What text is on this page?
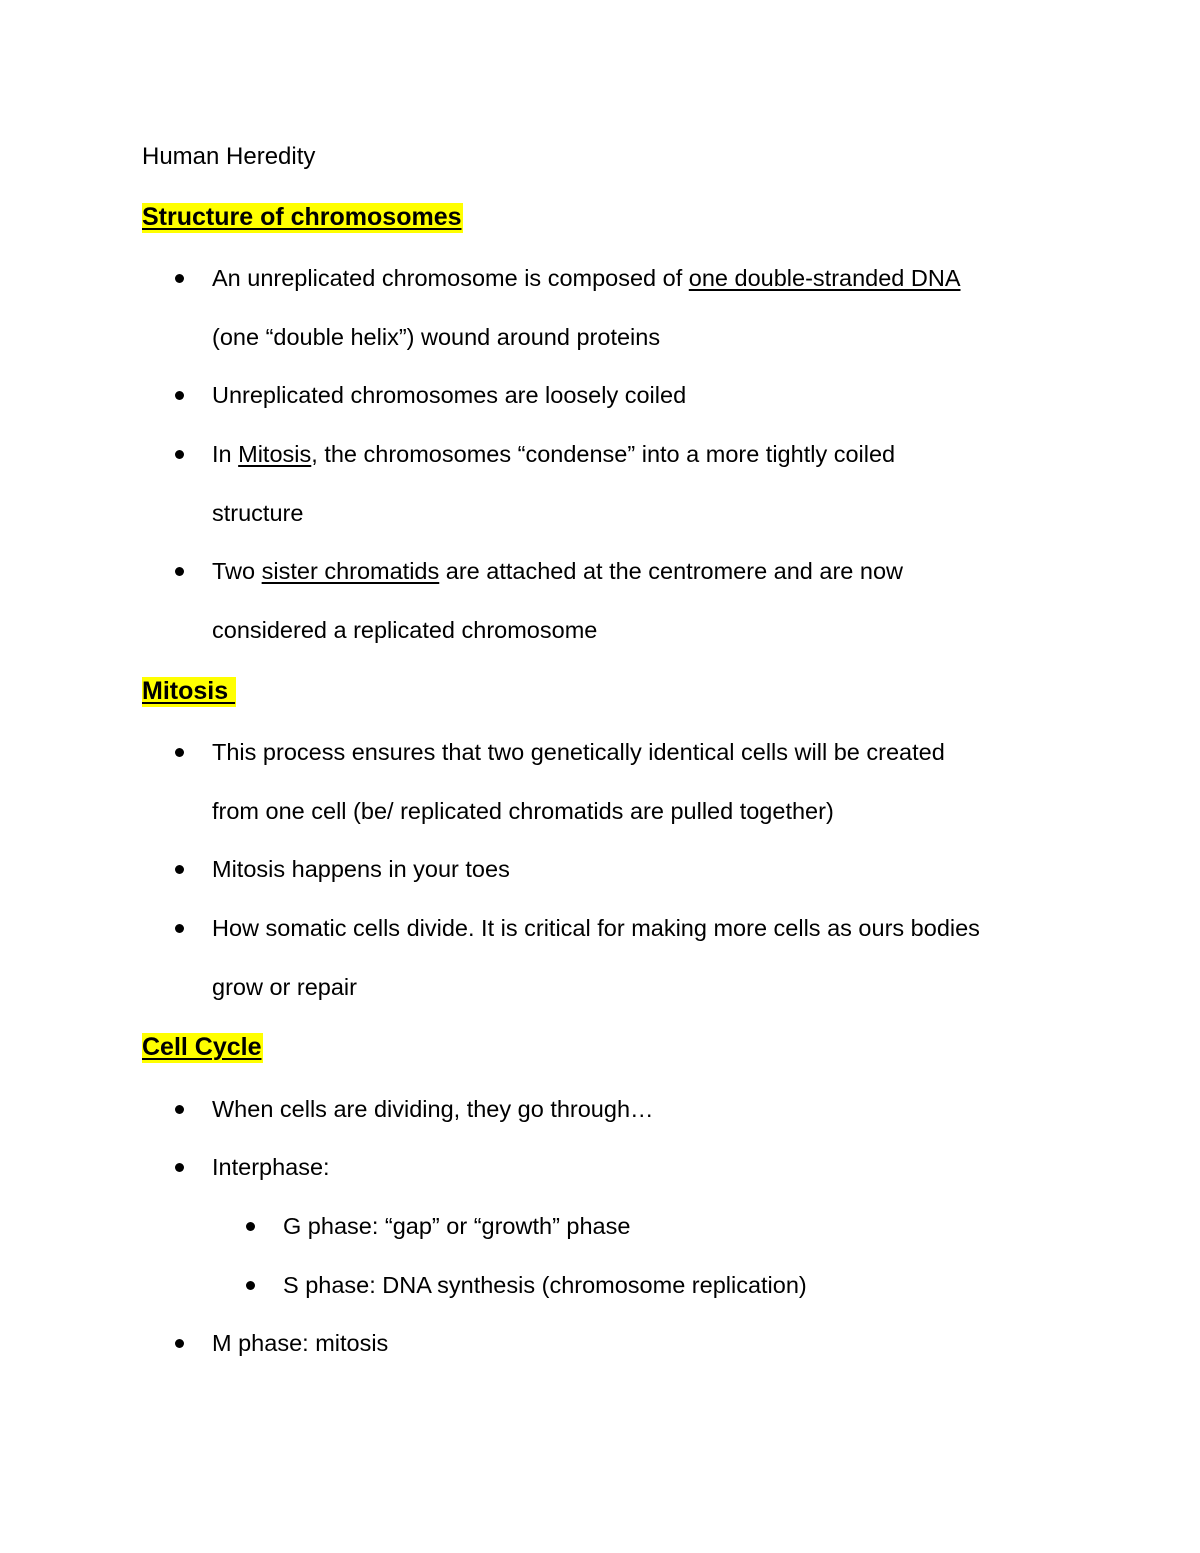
Human Heredity
Structure of chromosomes
An unreplicated chromosome is composed of one double-stranded DNA
(one “double helix”) wound around proteins
Unreplicated chromosomes are loosely coiled
In Mitosis, the chromosomes “condense” into a more tightly coiled
structure
Two sister chromatids are attached at the centromere and are now
considered a replicated chromosome
Mitosis
This process ensures that two genetically identical cells will be created
from one cell (be/ replicated chromatids are pulled together)
Mitosis happens in your toes
How somatic cells divide. It is critical for making more cells as ours bodies
grow or repair
Cell Cycle
When cells are dividing, they go through…
Interphase:
G phase: “gap” or “growth” phase
S phase: DNA synthesis (chromosome replication)
M phase: mitosis
